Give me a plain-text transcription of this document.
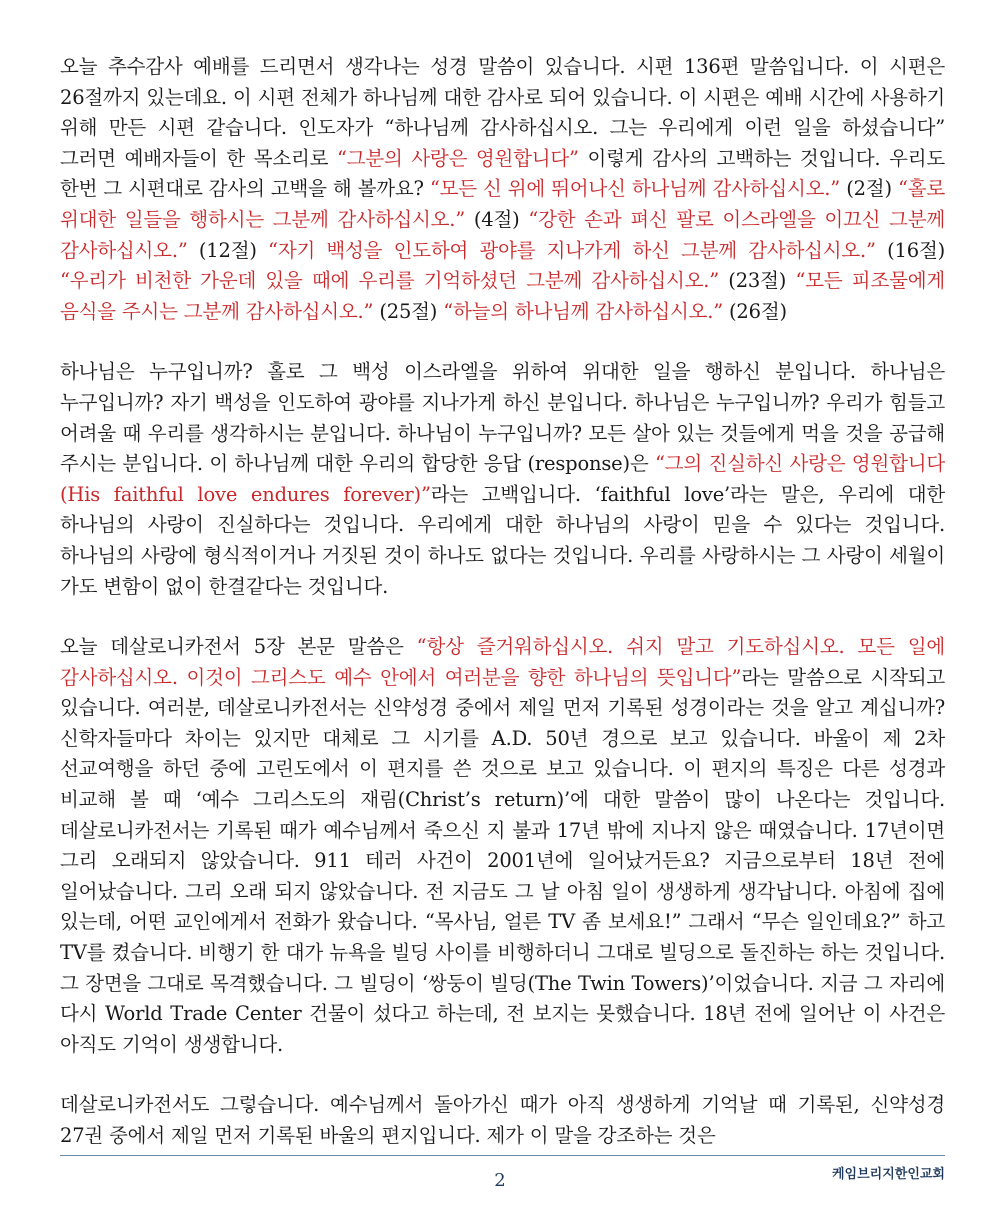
오늘 추수감사 예배를 드리면서 생각나는 성경 말씀이 있습니다. 시편 136편 말씀입니다. 이 시편은 26절까지 있는데요. 이 시편 전체가 하나님께 대한 감사로 되어 있습니다. 이 시편은 예배 시간에 사용하기 위해 만든 시편 같습니다. 인도자가 “하나님께 감사하십시오. 그는 우리에게 이런 일을 하셨습니다” 그러면 예배자들이 한 목소리로 “그분의 사랑은 영원합니다” 이렇게 감사의 고백하는 것입니다. 우리도 한번 그 시편대로 감사의 고백을 해 볼까요? “모든 신 위에 뛰어나신 하나님께 감사하십시오.” (2절) “홀로 위대한 일들을 행하시는 그분께 감사하십시오.” (4절) “강한 손과 펴신 팔로 이스라엘을 이끄신 그분께 감사하십시오.” (12절) “자기 백성을 인도하여 광야를 지나가게 하신 그분께 감사하십시오.” (16절) “우리가 비천한 가운데 있을 때에 우리를 기억하셨던 그분께 감사하십시오.” (23절) “모든 피조물에게 음식을 주시는 그분께 감사하십시오.” (25절) “하늘의 하나님께 감사하십시오.” (26절)

하나님은 누구입니까? 홀로 그 백성 이스라엘을 위하여 위대한 일을 행하신 분입니다. 하나님은 누구입니까? 자기 백성을 인도하여 광야를 지나가게 하신 분입니다. 하나님은 누구입니까? 우리가 힘들고 어려울 때 우리를 생각하시는 분입니다. 하나님이 누구입니까? 모든 살아 있는 것들에게 먹을 것을 공급해 주시는 분입니다. 이 하나님께 대한 우리의 합당한 응답 (response)은 “그의 진실하신 사랑은 영원합니다 (His faithful love endures forever)”라는 고백입니다. ‘faithful love’라는 말은, 우리에 대한 하나님의 사랑이 진실하다는 것입니다. 우리에게 대한 하나님의 사랑이 믿을 수 있다는 것입니다. 하나님의 사랑에 형식적이거나 거짓된 것이 하나도 없다는 것입니다. 우리를 사랑하시는 그 사랑이 세월이 가도 변함이 없이 한결같다는 것입니다.

오늘 데살로니카전서 5장 본문 말씀은 “항상 즐거워하십시오. 쉬지 말고 기도하십시오. 모든 일에 감사하십시오. 이것이 그리스도 예수 안에서 여러분을 향한 하나님의 뜻입니다”라는 말씀으로 시작되고 있습니다. 여러분, 데살로니카전서는 신약성경 중에서 제일 먼저 기록된 성경이라는 것을 알고 계십니까? 신학자들마다 차이는 있지만 대체로 그 시기를 A.D. 50년 경으로 보고 있습니다. 바울이 제 2차 선교여행을 하던 중에 고린도에서 이 편지를 쓴 것으로 보고 있습니다. 이 편지의 특징은 다른 성경과 비교해 볼 때 ‘예수 그리스도의 재림(Christ’s return)’에 대한 말씀이 많이 나온다는 것입니다. 데살로니카전서는 기록된 때가 예수님께서 죽으신 지 불과 17년 밖에 지나지 않은 때였습니다. 17년이면 그리 오래되지 않았습니다. 911 테러 사건이 2001년에 일어났거든요? 지금으로부터 18년 전에 일어났습니다. 그리 오래 되지 않았습니다. 전 지금도 그 날 아침 일이 생생하게 생각납니다. 아침에 집에 있는데, 어떤 교인에게서 전화가 왔습니다. “목사님, 얼른 TV 좀 보세요!” 그래서 “무슨 일인데요?” 하고 TV를 켰습니다. 비행기 한 대가 뉴욕을 빌딩 사이를 비행하더니 그대로 빌딩으로 돌진하는 하는 것입니다. 그 장면을 그대로 목격했습니다. 그 빌딩이 ‘쌍둥이 빌딩(The Twin Towers)’이었습니다. 지금 그 자리에 다시 World Trade Center 건물이 섰다고 하는데, 전 보지는 못했습니다. 18년 전에 일어난 이 사건은 아직도 기억이 생생합니다.

데살로니카전서도 그렇습니다. 예수님께서 돌아가신 때가 아직 생생하게 기억날 때 기록된, 신약성경 27권 중에서 제일 먼저 기록된 바울의 편지입니다. 제가 이 말을 강조하는 것은

2	케임브리지한인교회
